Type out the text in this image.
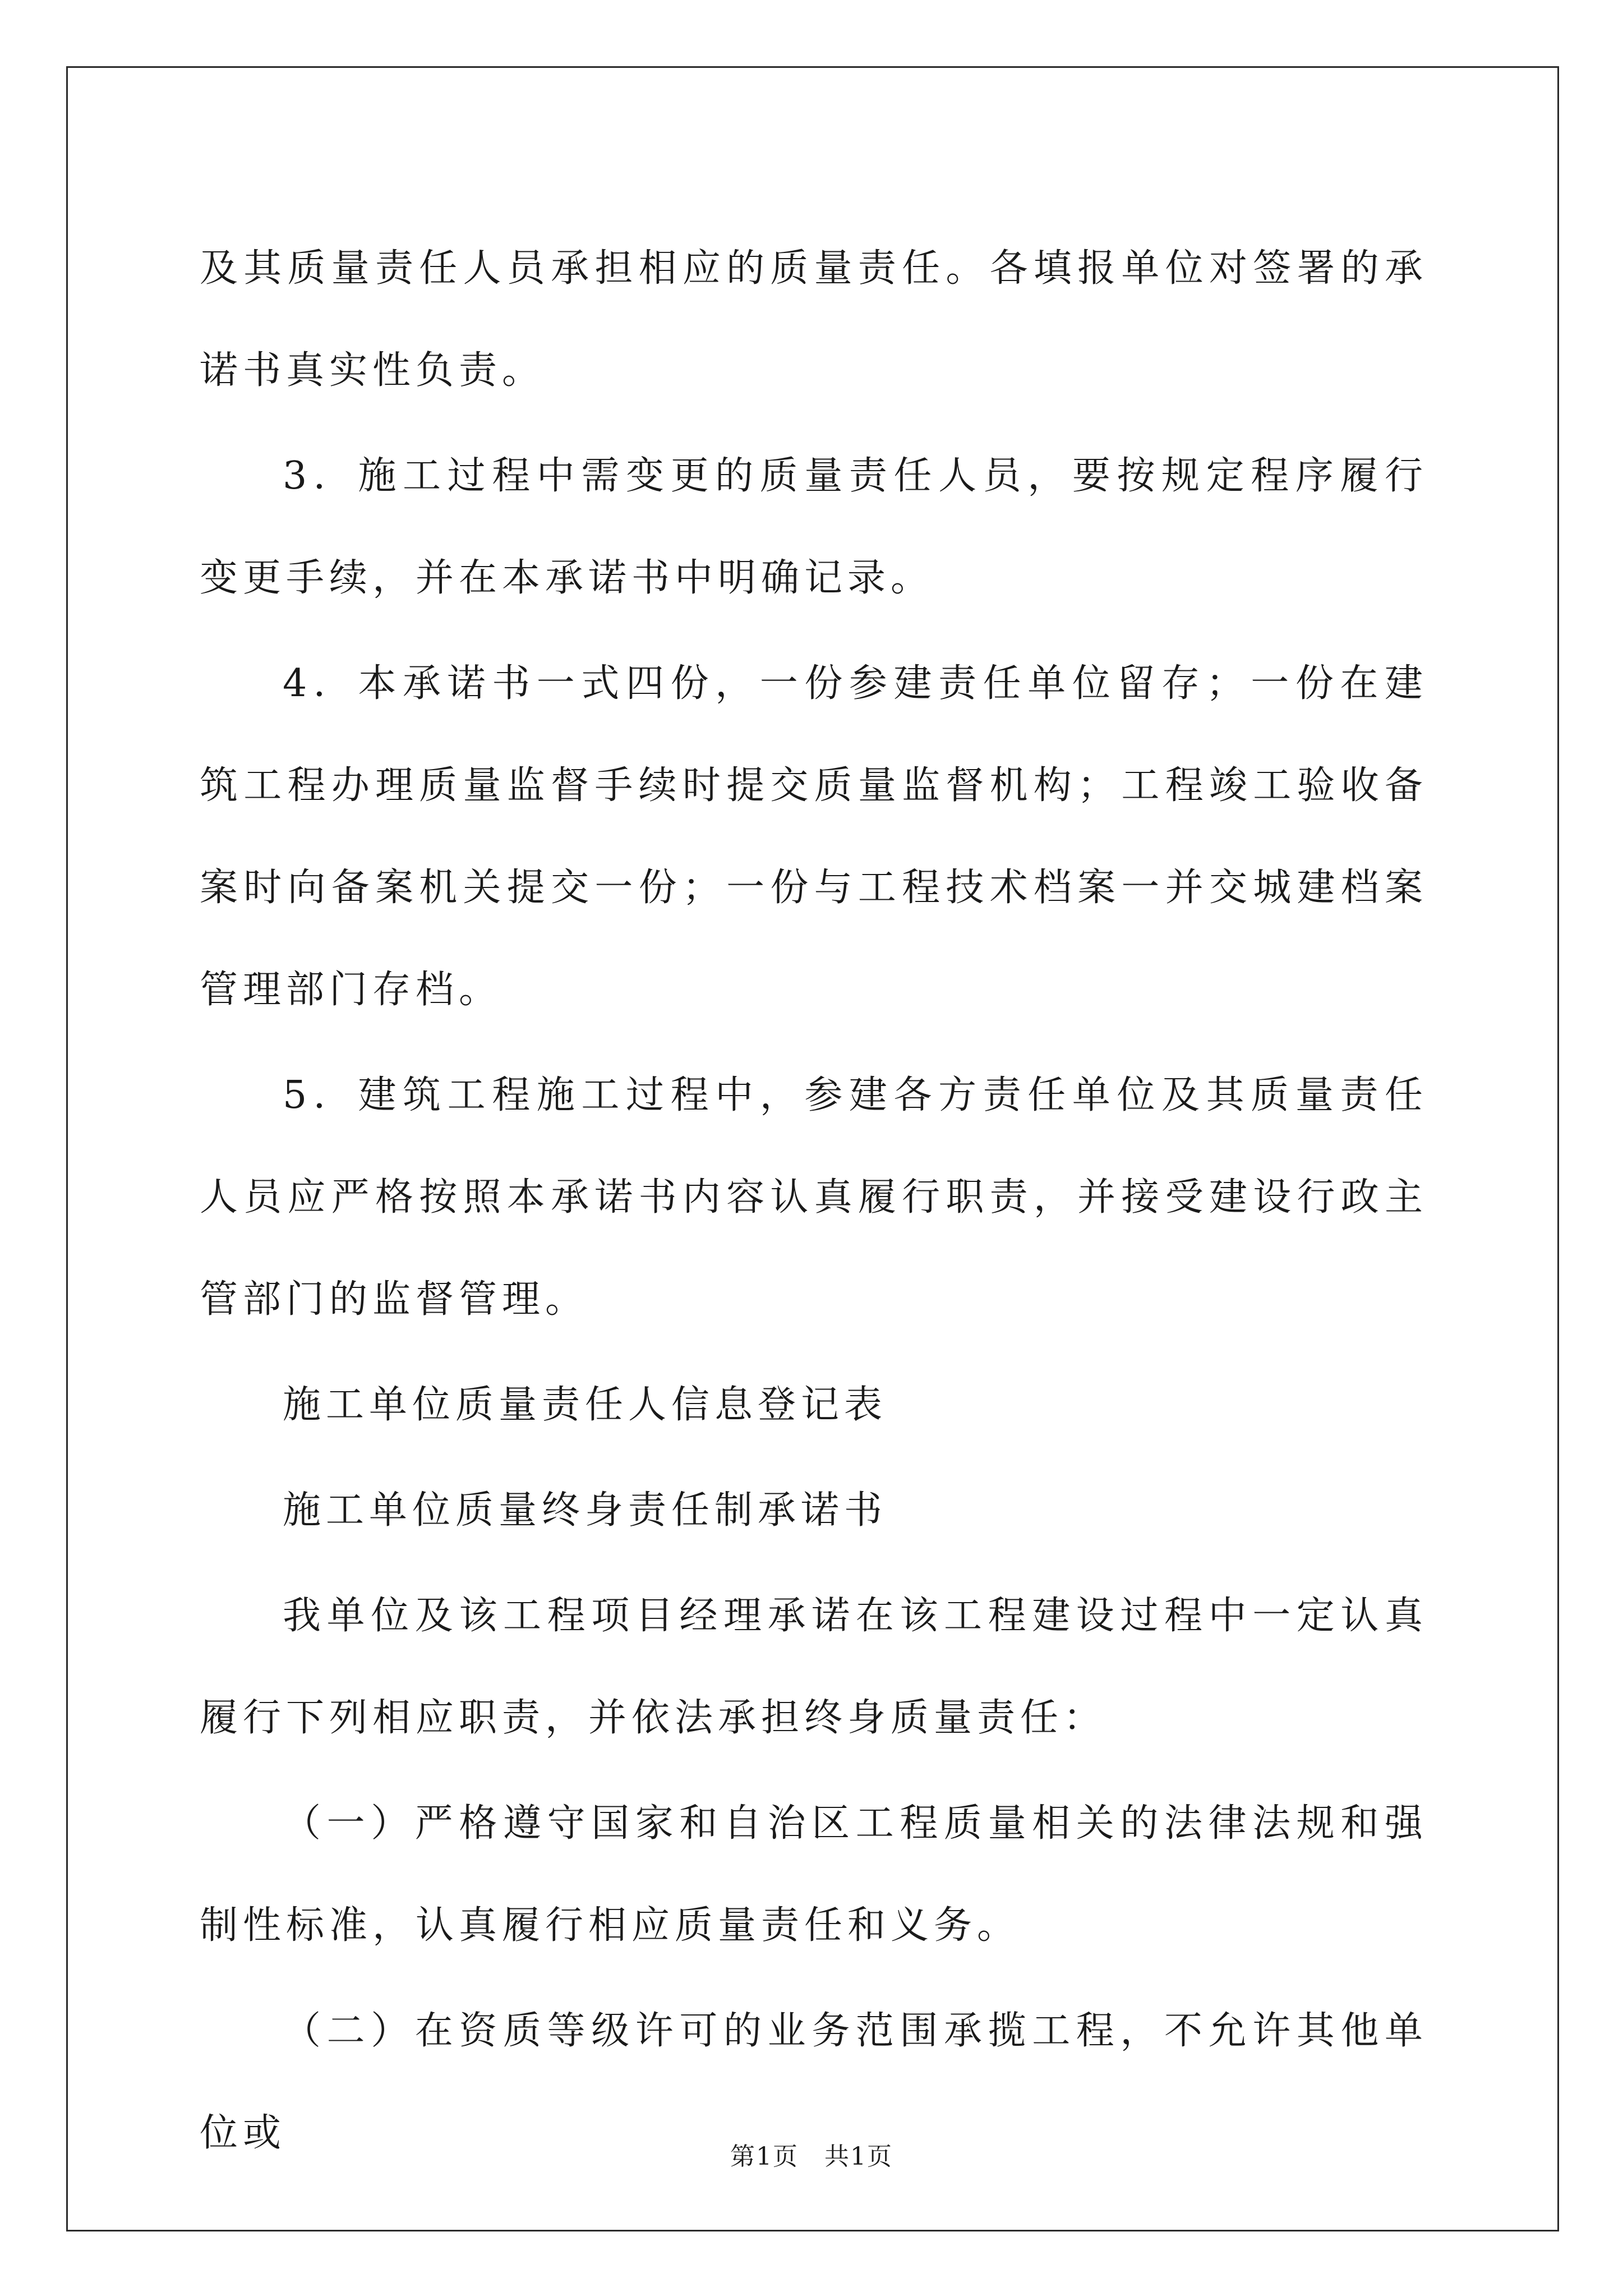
及其质量责任人员承担相应的质量责任。各填报单位对签署的承诺书真实性负责。

3．施工过程中需变更的质量责任人员，要按规定程序履行变更手续，并在本承诺书中明确记录。

4．本承诺书一式四份，一份参建责任单位留存；一份在建筑工程办理质量监督手续时提交质量监督机构；工程竣工验收备案时向备案机关提交一份；一份与工程技术档案一并交城建档案管理部门存档。

5．建筑工程施工过程中，参建各方责任单位及其质量责任人员应严格按照本承诺书内容认真履行职责，并接受建设行政主管部门的监督管理。

施工单位质量责任人信息登记表

施工单位质量终身责任制承诺书

我单位及该工程项目经理承诺在该工程建设过程中一定认真履行下列相应职责，并依法承担终身质量责任：

（一）严格遵守国家和自治区工程质量相关的法律法规和强制性标准，认真履行相应质量责任和义务。

（二）在资质等级许可的业务范围承揽工程，不允许其他单位或

第1页　共1页
